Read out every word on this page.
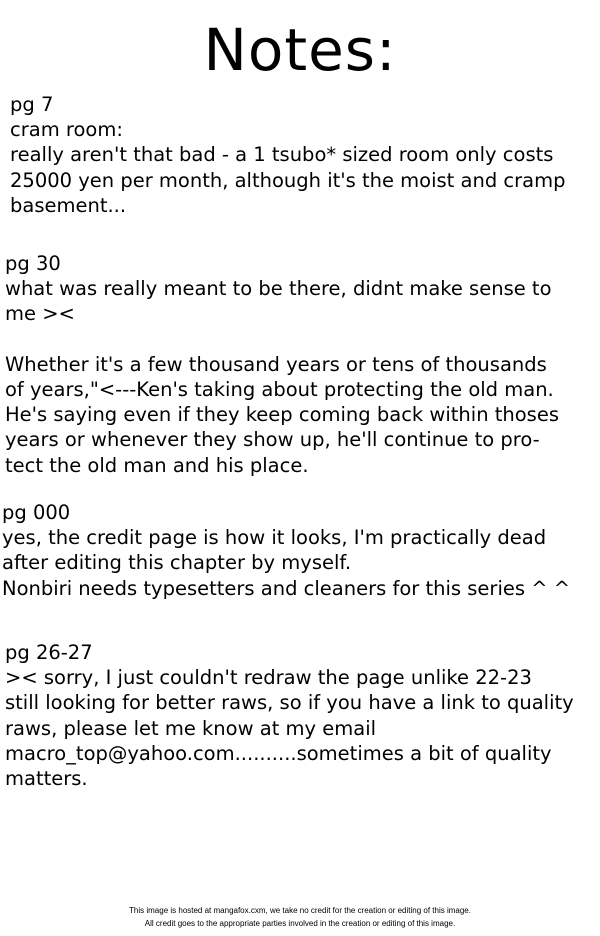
Notes:
pg 7
cram room:
really aren't that bad - a 1 tsubo* sized room only costs
25000 yen per month, although it's the moist and cramp
basement...
pg 30
what was really meant to be there, didnt make sense to
me ><
Whether it's a few thousand years or tens of thousands
of years,"<---Ken's taking about protecting the old man.
He's saying even if they keep coming back within thoses
years or whenever they show up, he'll continue to pro-
tect the old man and his place.
pg 000
yes, the credit page is how it looks, I'm practically dead
after editing this chapter by myself.
Nonbiri needs typesetters and cleaners for this series ^ ^
pg 26-27
>< sorry, I just couldn't redraw the page unlike 22-23
still looking for better raws, so if you have a link to quality
raws, please let me know at my email
macro_top@yahoo.com..........sometimes a bit of quality
matters.
This image is hosted at mangafox.cxm, we take no credit for the creation or editing of this image.
All credit goes to the appropriate parties involved in the creation or editing of this image.
